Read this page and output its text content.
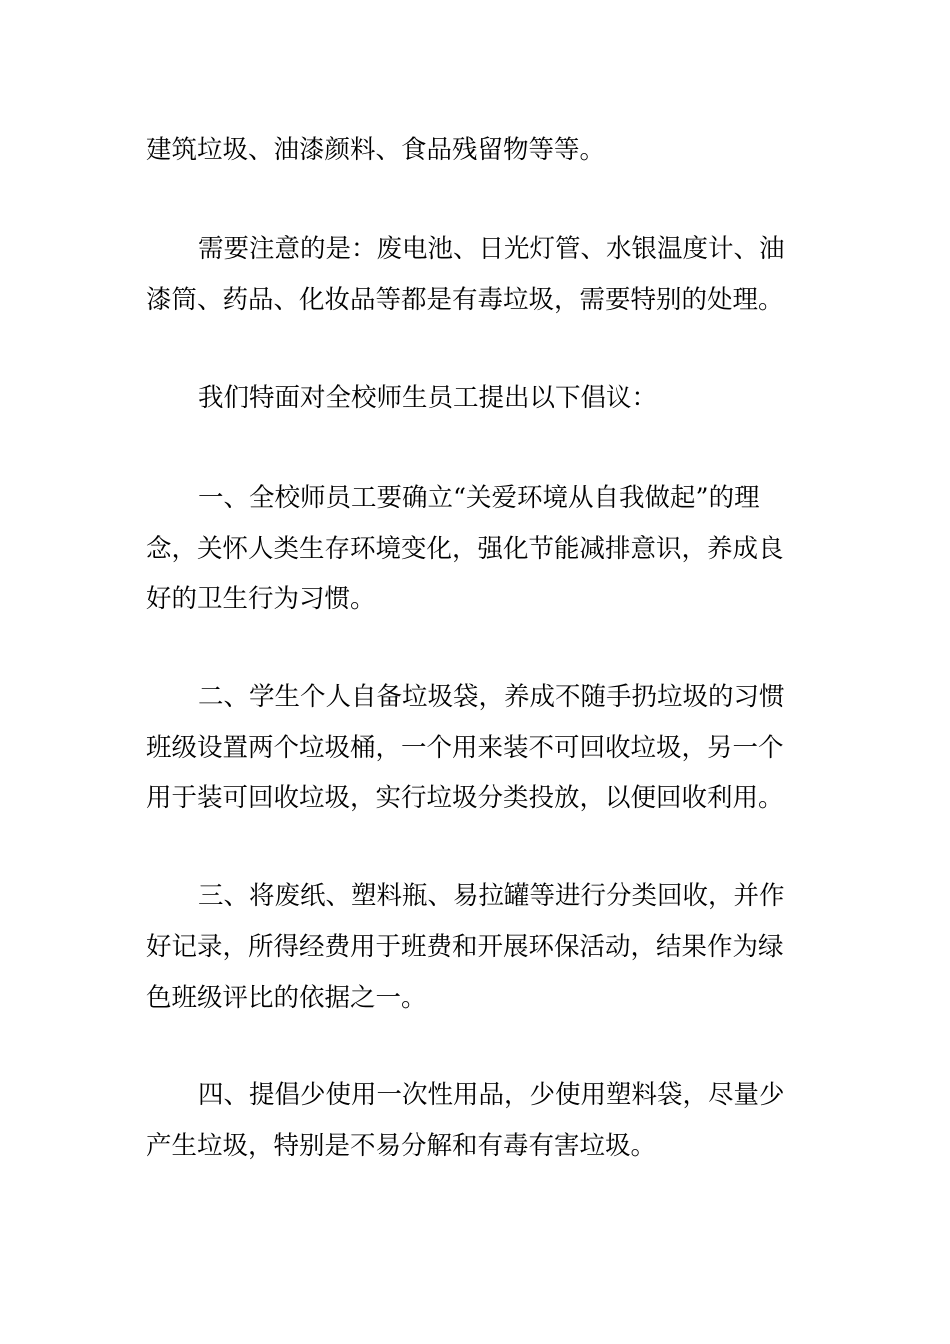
建筑垃圾、油漆颜料、食品残留物等等。

需要注意的是：废电池、日光灯管、水银温度计、油

漆筒、药品、化妆品等都是有毒垃圾，需要特别的处理。

我们特面对全校师生员工提出以下倡议：

一、全校师员工要确立“关爱环境从自我做起”的理

念，关怀人类生存环境变化，强化节能减排意识，养成良

好的卫生行为习惯。

二、学生个人自备垃圾袋，养成不随手扔垃圾的习惯

班级设置两个垃圾桶，一个用来装不可回收垃圾，另一个

用于装可回收垃圾，实行垃圾分类投放，以便回收利用。

三、将废纸、塑料瓶、易拉罐等进行分类回收，并作

好记录，所得经费用于班费和开展环保活动，结果作为绿

色班级评比的依据之一。

四、提倡少使用一次性用品，少使用塑料袋，尽量少

产生垃圾，特别是不易分解和有毒有害垃圾。
